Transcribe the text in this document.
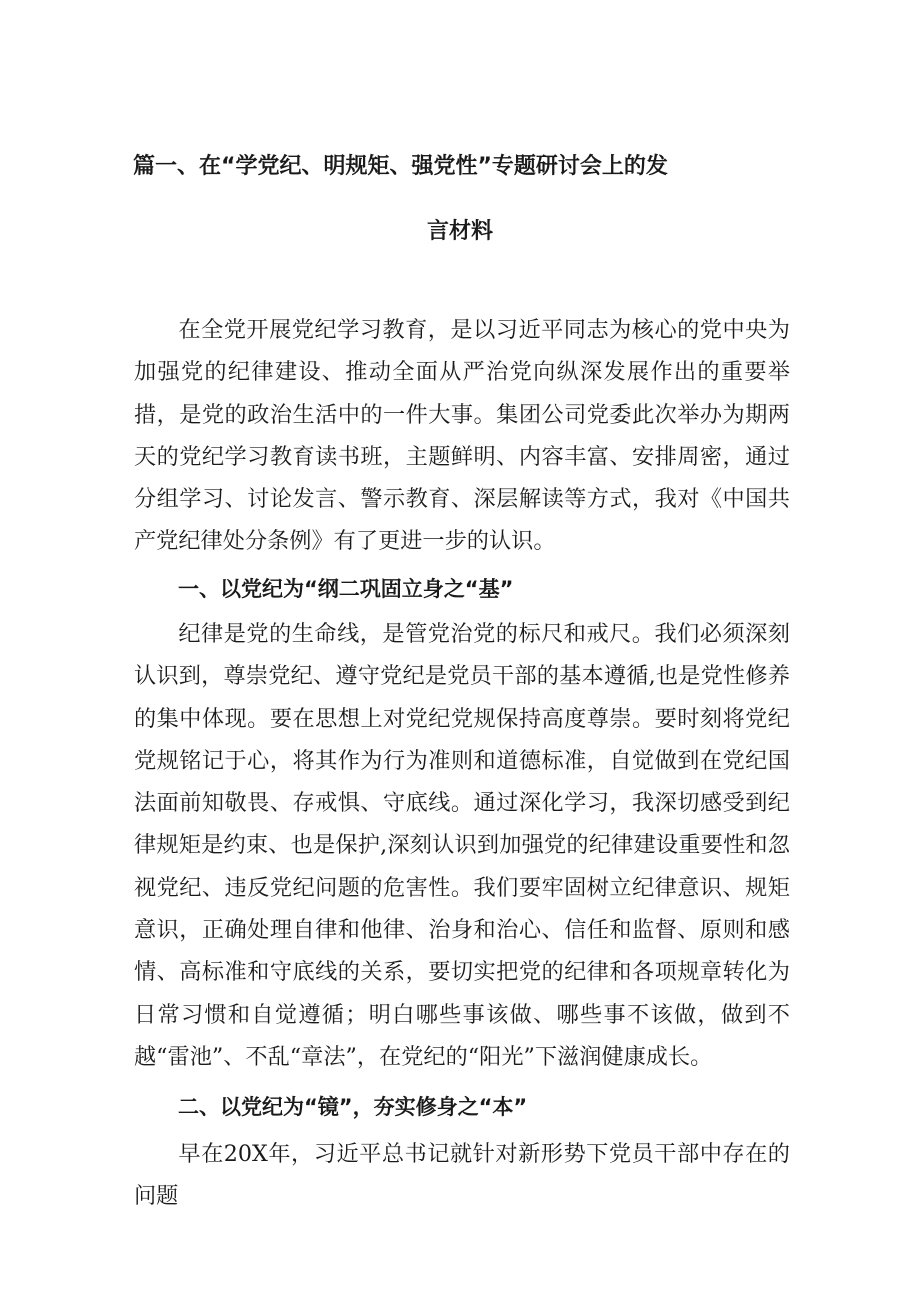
篇一、在“学党纪、明规矩、强党性”专题研讨会上的发
言材料

在全党开展党纪学习教育，是以习近平同志为核心的党中央为加强党的纪律建设、推动全面从严治党向纵深发展作出的重要举措，是党的政治生活中的一件大事。集团公司党委此次举办为期两天的党纪学习教育读书班，主题鲜明、内容丰富、安排周密，通过分组学习、讨论发言、警示教育、深层解读等方式，我对《中国共产党纪律处分条例》有了更进一步的认识。

一、以党纪为“纲二巩固立身之“基”

纪律是党的生命线，是管党治党的标尺和戒尺。我们必须深刻认识到，尊崇党纪、遵守党纪是党员干部的基本遵循,也是党性修养的集中体现。要在思想上对党纪党规保持高度尊崇。要时刻将党纪党规铭记于心，将其作为行为准则和道德标准，自觉做到在党纪国法面前知敬畏、存戒惧、守底线。通过深化学习，我深切感受到纪律规矩是约束、也是保护,深刻认识到加强党的纪律建设重要性和忽视党纪、违反党纪问题的危害性。我们要牢固树立纪律意识、规矩意识，正确处理自律和他律、治身和治心、信任和监督、原则和感情、高标准和守底线的关系，要切实把党的纪律和各项规章转化为日常习惯和自觉遵循；明白哪些事该做、哪些事不该做，做到不越“雷池”、不乱“章法”，在党纪的“阳光”下滋润健康成长。

二、以党纪为“镜”，夯实修身之“本”

早在20X年，习近平总书记就针对新形势下党员干部中存在的问题
